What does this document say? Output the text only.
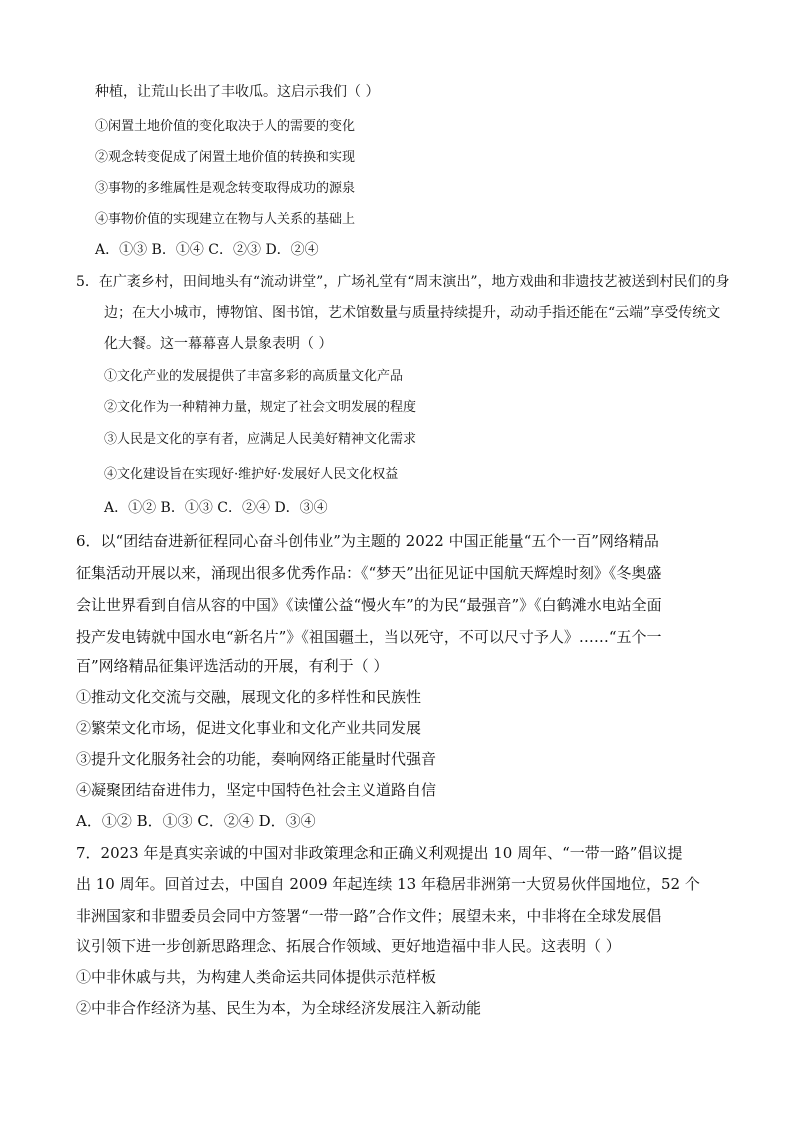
种植，让荒山长出了丰收瓜。这启示我们（ ）
①闲置土地价值的变化取决于人的需要的变化
②观念转变促成了闲置土地价值的转换和实现
③事物的多维属性是观念转变取得成功的源泉
④事物价值的实现建立在物与人关系的基础上
A．①③ B．①④ C．②③ D．②④
5．在广袤乡村，田间地头有“流动讲堂”，广场礼堂有“周末演出”，地方戏曲和非遗技艺被送到村民们的身
边；在大小城市，博物馆、图书馆，艺术馆数量与质量持续提升，动动手指还能在“云端”享受传统文
化大餐。这一幕幕喜人景象表明（ ）
①文化产业的发展提供了丰富多彩的高质量文化产品
②文化作为一种精神力量，规定了社会文明发展的程度
③人民是文化的享有者，应满足人民美好精神文化需求
④文化建设旨在实现好·维护好·发展好人民文化权益
A．①② B．①③ C．②④ D．③④
6．以“团结奋进新征程同心奋斗创伟业”为主题的 2022 中国正能量“五个一百”网络精品
征集活动开展以来，涌现出很多优秀作品：《“梦天”出征见证中国航天辉煌时刻》《冬奥盛
会让世界看到自信从容的中国》《读懂公益“慢火车”的为民“最强音”》《白鹤滩水电站全面
投产发电铸就中国水电“新名片”》《祖国疆土，当以死守，不可以尺寸予人》……“五个一
百”网络精品征集评选活动的开展，有利于（ ）
①推动文化交流与交融，展现文化的多样性和民族性
②繁荣文化市场，促进文化事业和文化产业共同发展
③提升文化服务社会的功能，奏响网络正能量时代强音
④凝聚团结奋进伟力，坚定中国特色社会主义道路自信
A．①② B．①③ C．②④ D．③④
7．2023 年是真实亲诚的中国对非政策理念和正确义利观提出 10 周年、“一带一路”倡议提
出 10 周年。回首过去，中国自 2009 年起连续 13 年稳居非洲第一大贸易伙伴国地位，52 个
非洲国家和非盟委员会同中方签署“一带一路”合作文件；展望未来，中非将在全球发展倡
议引领下进一步创新思路理念、拓展合作领域、更好地造福中非人民。这表明（ ）
①中非休戚与共，为构建人类命运共同体提供示范样板
②中非合作经济为基、民生为本，为全球经济发展注入新动能
